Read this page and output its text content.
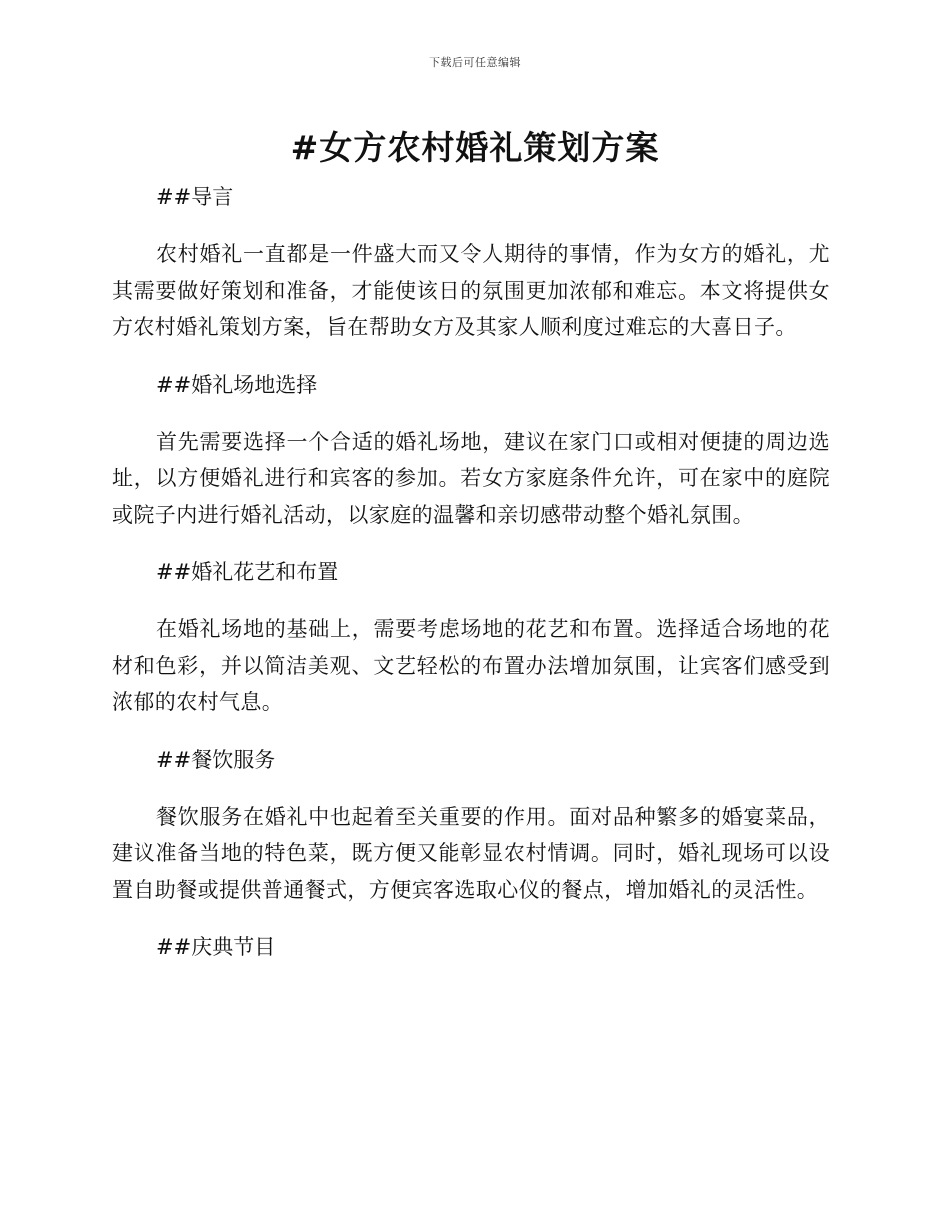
下载后可任意编辑
#女方农村婚礼策划方案
##导言

农村婚礼一直都是一件盛大而又令人期待的事情，作为女方的婚礼，尤其需要做好策划和准备，才能使该日的氛围更加浓郁和难忘。本文将提供女方农村婚礼策划方案，旨在帮助女方及其家人顺利度过难忘的大喜日子。

##婚礼场地选择

首先需要选择一个合适的婚礼场地，建议在家门口或相对便捷的周边选址，以方便婚礼进行和宾客的参加。若女方家庭条件允许，可在家中的庭院或院子内进行婚礼活动，以家庭的温馨和亲切感带动整个婚礼氛围。

##婚礼花艺和布置

在婚礼场地的基础上，需要考虑场地的花艺和布置。选择适合场地的花材和色彩，并以简洁美观、文艺轻松的布置办法增加氛围，让宾客们感受到浓郁的农村气息。

##餐饮服务

餐饮服务在婚礼中也起着至关重要的作用。面对品种繁多的婚宴菜品，建议准备当地的特色菜，既方便又能彰显农村情调。同时，婚礼现场可以设置自助餐或提供普通餐式，方便宾客选取心仪的餐点，增加婚礼的灵活性。

##庆典节目
